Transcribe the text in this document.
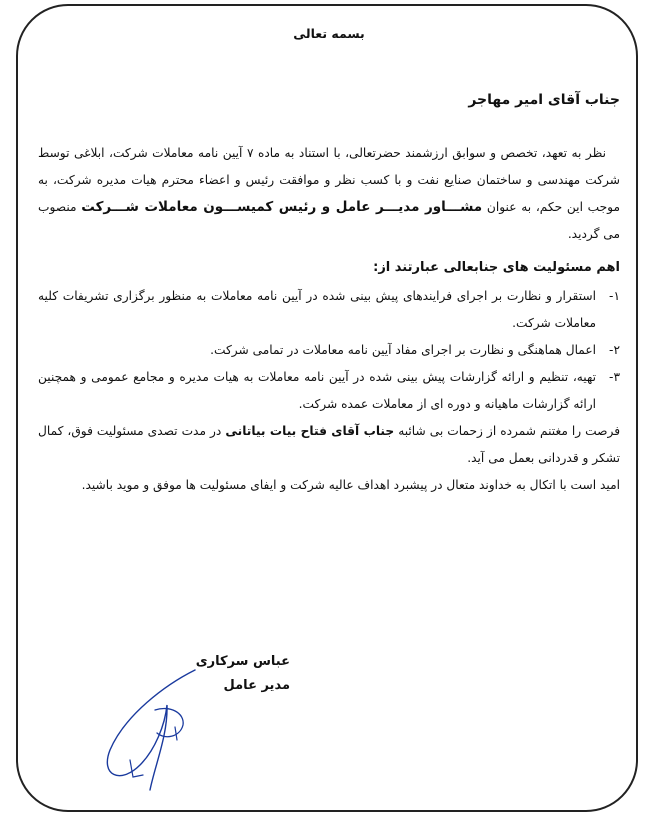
بسمه تعالی
جناب آقای امیر مهاجر

نظر به تعهد، تخصص و سوابق ارزشمند حضرتعالی، با استناد به ماده ۷ آیین نامه معاملات شرکت، ابلاغی توسط شرکت مهندسی و ساختمان صنایع نفت و با کسب نظر و موافقت رئیس و اعضاء محترم هیات مدیره شرکت، به موجب این حکم، به عنوان مشـــاور مدیـــر عامل و رئیس کمیســـون معاملات شـــرکت منصوب می گردید.

اهم مسئولیت های جنابعالی عبارتند از:
۱-
استقرار و نظارت بر اجرای فرایندهای پیش بینی شده در آیین نامه معاملات به منظور برگزاری تشریفات کلیه معاملات شرکت.
۲-
اعمال هماهنگی و نظارت بر اجرای مفاد آیین نامه معاملات در تمامی شرکت.
۳-
تهیه، تنظیم و ارائه گزارشات پیش بینی شده در آیین نامه معاملات به هیات مدیره و مجامع عمومی و همچنین ارائه گزارشات ماهیانه و دوره ای از معاملات عمده شرکت.

فرصت را مغتنم شمرده از زحمات بی شائبه جناب آقای فتاح بیات بیاتانی در مدت تصدی مسئولیت فوق، کمال تشکر و قدردانی بعمل می آید.

امید است با اتکال به خداوند متعال در پیشبرد اهداف عالیه شرکت و ایفای مسئولیت ها موفق و موید باشید.

عباس سرکاری
مدیر عامل
